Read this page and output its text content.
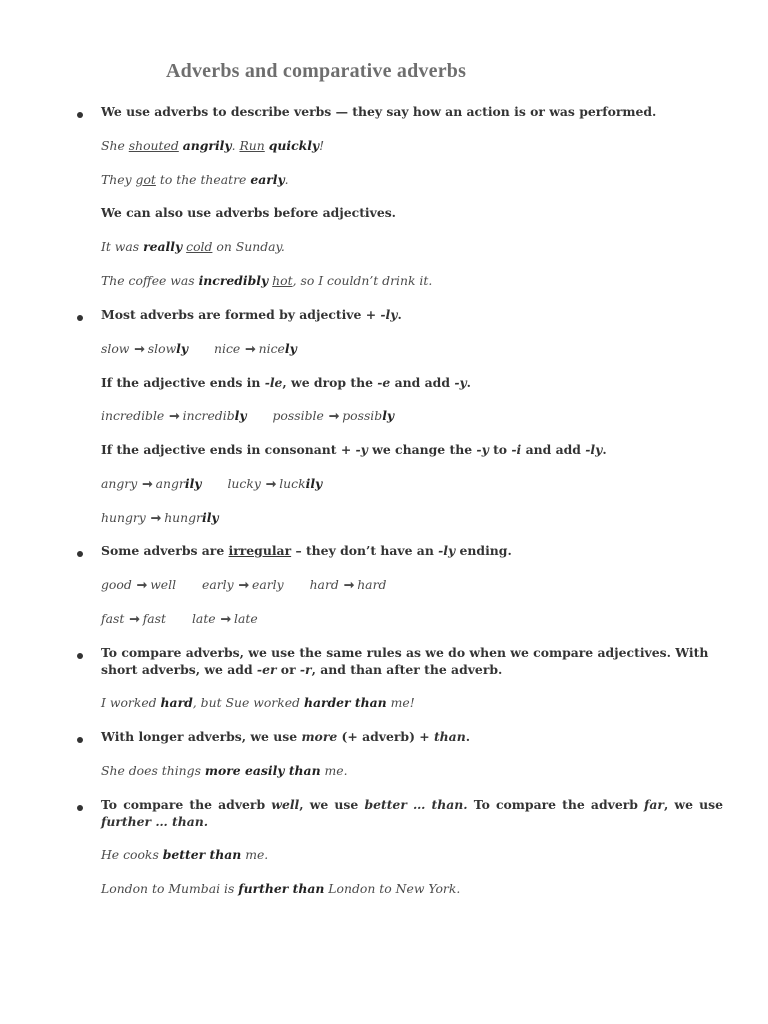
Adverbs and comparative adverbs
We use adverbs to describe verbs — they say how an action is or was performed.
She shouted angrily. Run quickly!
They got to the theatre early.
We can also use adverbs before adjectives.
It was really cold on Sunday.
The coffee was incredibly hot, so I couldn’t drink it.
Most adverbs are formed by adjective + -ly.
slow ➞ slowly nice ➞ nicely
If the adjective ends in -le, we drop the -e and add -y.
incredible ➞ incredibly possible ➞ possibly
If the adjective ends in consonant + -y we change the -y to -i and add -ly.
angry ➞ angrily lucky ➞ luckily
hungry ➞ hungrily
Some adverbs are irregular – they don’t have an -ly ending.
good ➞ well early ➞ early hard ➞ hard
fast ➞ fast late ➞ late
To compare adverbs, we use the same rules as we do when we compare adjectives. With short adverbs, we add -er or -r, and than after the adverb.
I worked hard, but Sue worked harder than me!
With longer adverbs, we use more (+ adverb) + than.
She does things more easily than me.
To compare the adverb well, we use better … than. To compare the adverb far, we use further … than.
He cooks better than me.
London to Mumbai is further than London to New York.
